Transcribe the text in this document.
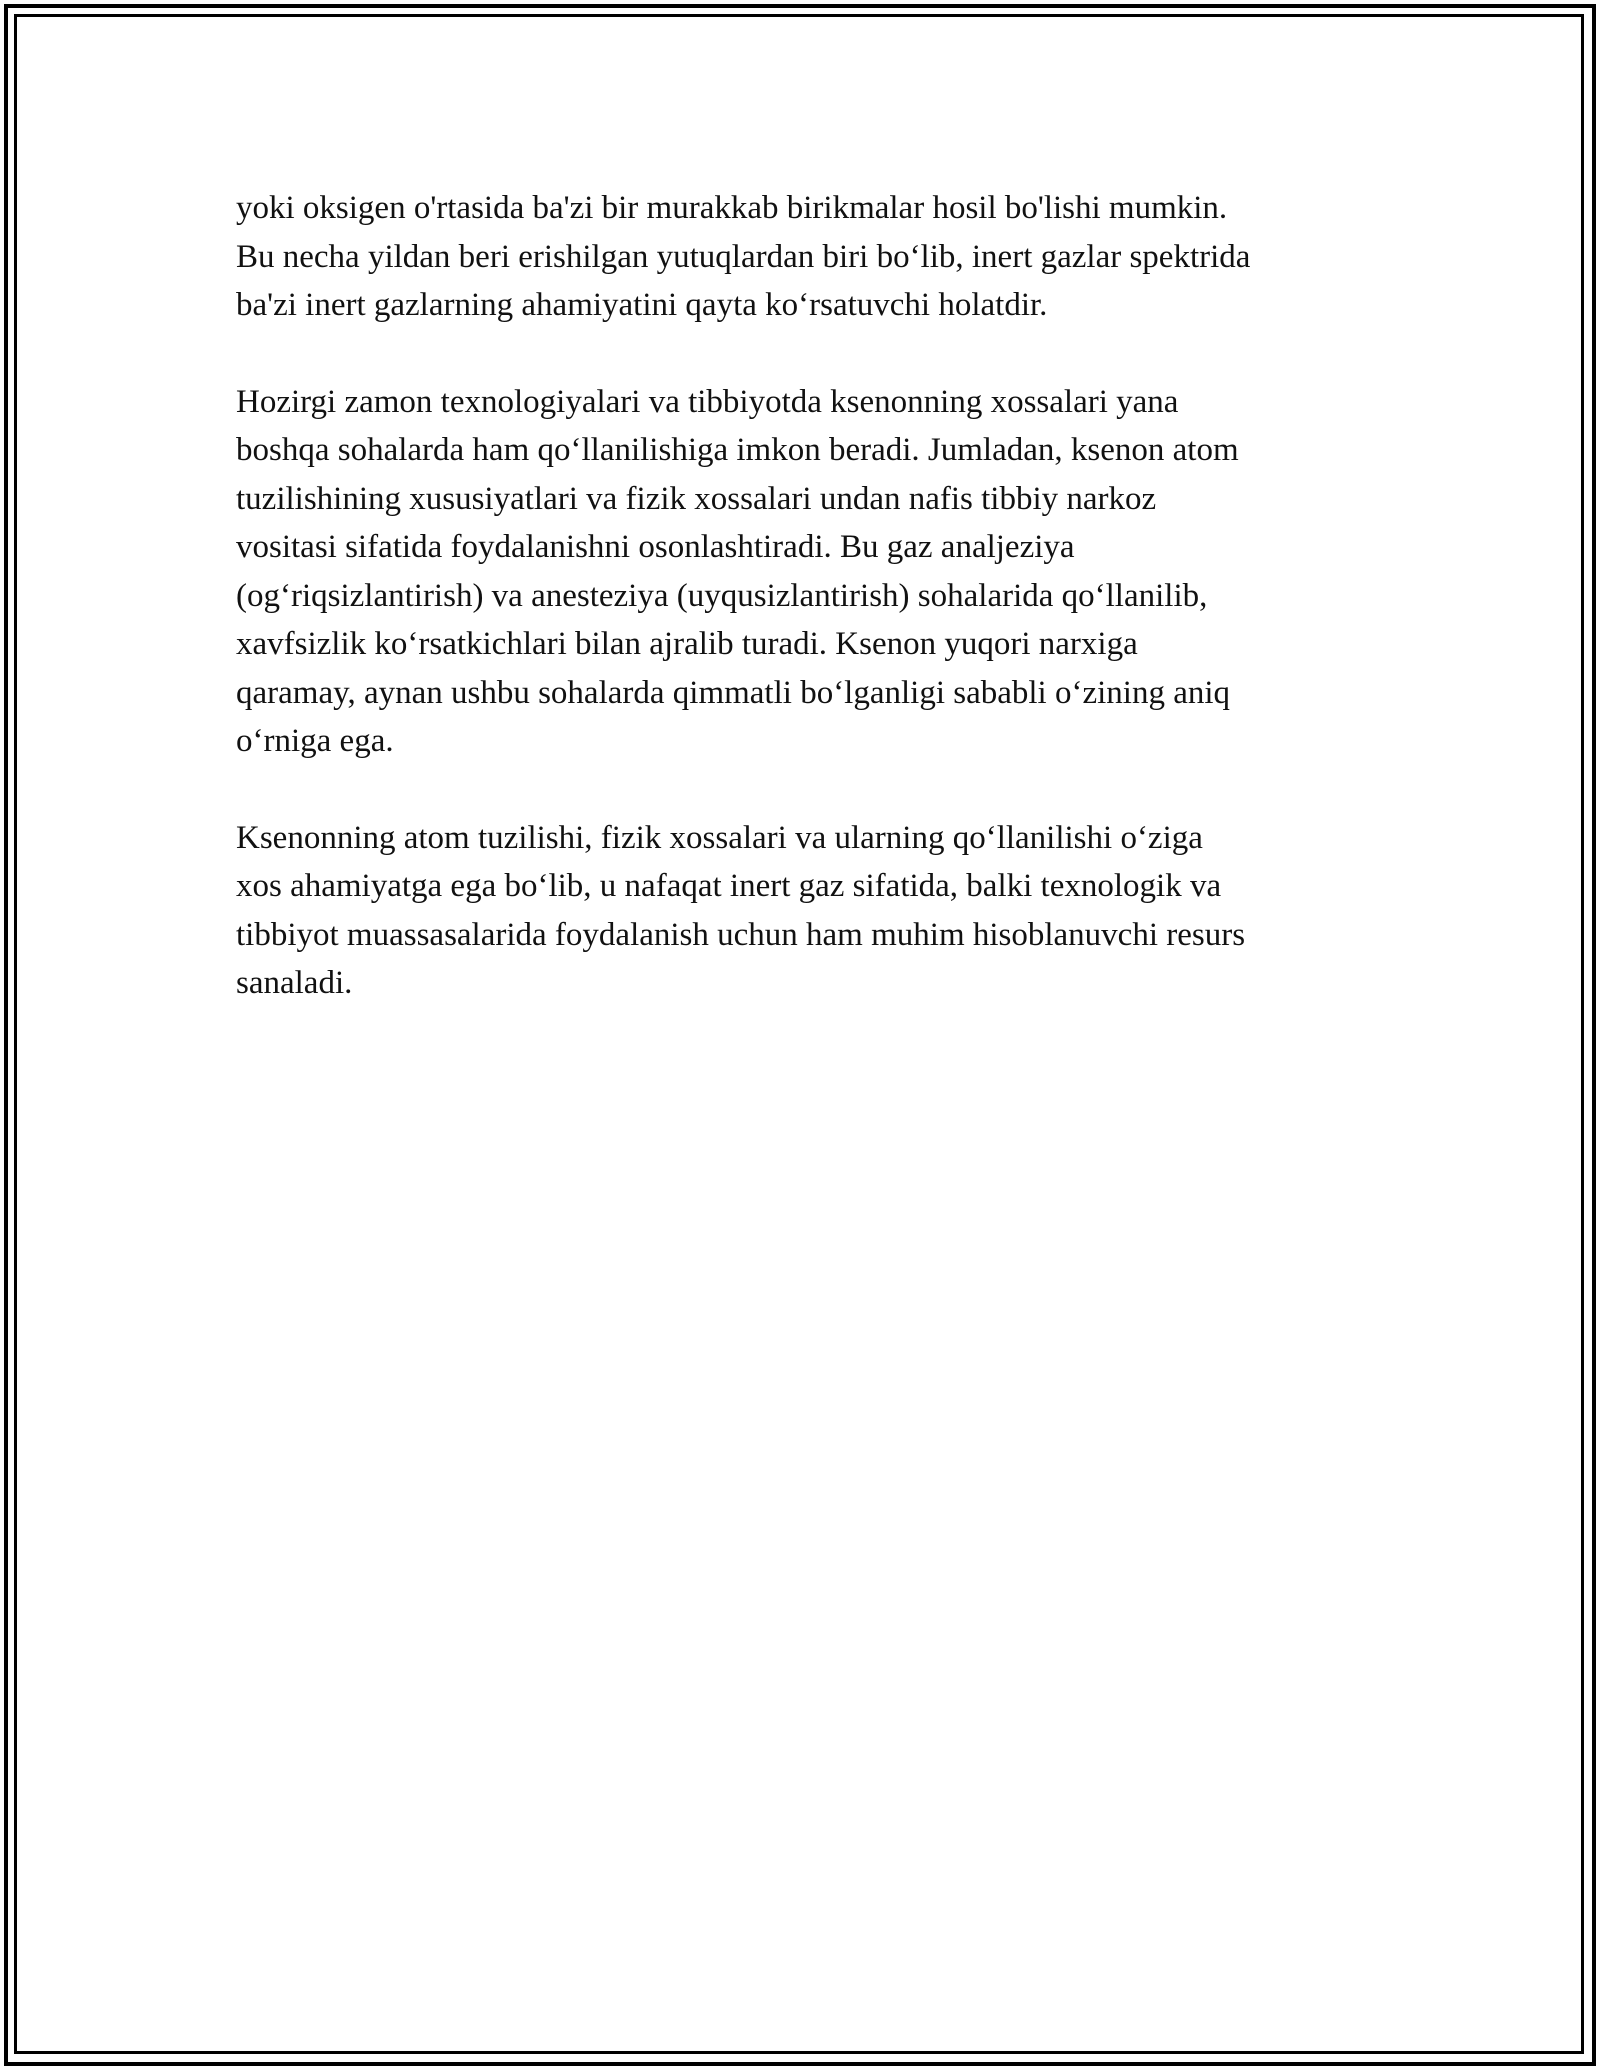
yoki oksigen o'rtasida ba'zi bir murakkab birikmalar hosil bo'lishi mumkin.
Bu necha yildan beri erishilgan yutuqlardan biri bo‘lib, inert gazlar spektrida
ba'zi inert gazlarning ahamiyatini qayta ko‘rsatuvchi holatdir.

Hozirgi zamon texnologiyalari va tibbiyotda ksenonning xossalari yana
boshqa sohalarda ham qo‘llanilishiga imkon beradi. Jumladan, ksenon atom
tuzilishining xususiyatlari va fizik xossalari undan nafis tibbiy narkoz
vositasi sifatida foydalanishni osonlashtiradi. Bu gaz analjeziya
(og‘riqsizlantirish) va anesteziya (uyqusizlantirish) sohalarida qo‘llanilib,
xavfsizlik ko‘rsatkichlari bilan ajralib turadi. Ksenon yuqori narxiga
qaramay, aynan ushbu sohalarda qimmatli bo‘lganligi sababli o‘zining aniq
o‘rniga ega.

Ksenonning atom tuzilishi, fizik xossalari va ularning qo‘llanilishi o‘ziga
xos ahamiyatga ega bo‘lib, u nafaqat inert gaz sifatida, balki texnologik va
tibbiyot muassasalarida foydalanish uchun ham muhim hisoblanuvchi resurs
sanaladi.
